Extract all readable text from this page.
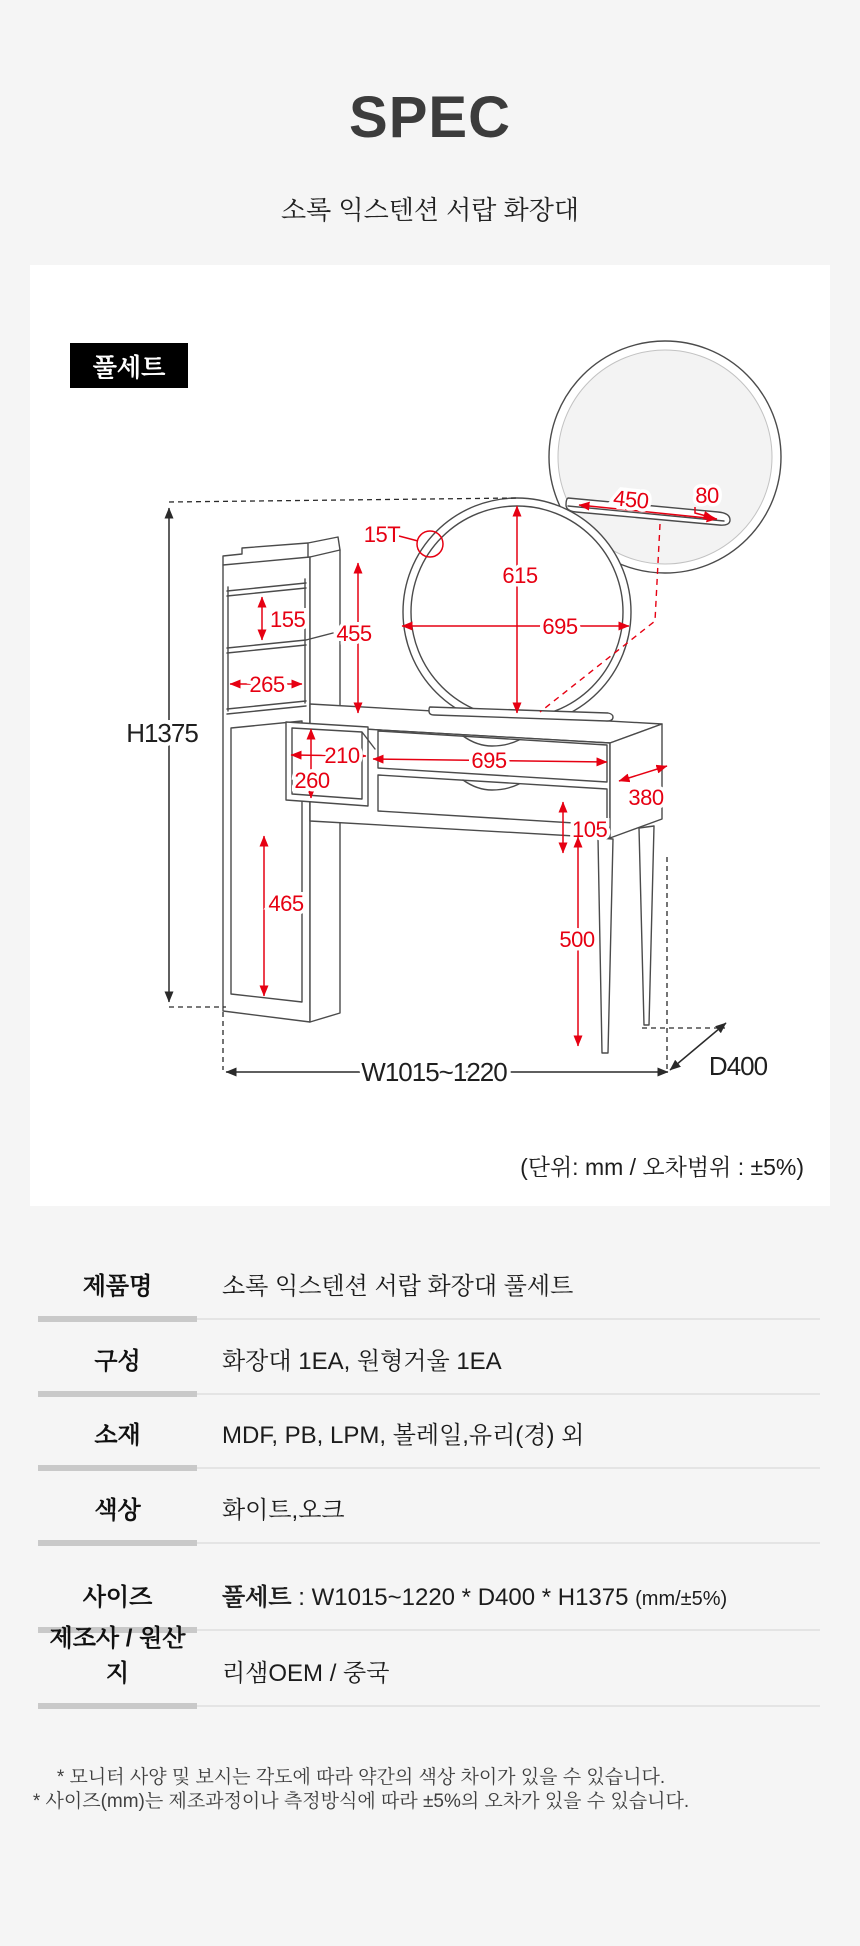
SPEC
소록 익스텐션 서랍 화장대
풀세트
H1375
W1015~1220	D400
155
455
265
465
615
695
15T
450 80
210
260
695
105
380
500
(단위: mm / 오차범위 : ±5%)
제품명	소록 익스텐션 서랍 화장대 풀세트
구성	화장대 1EA, 원형거울 1EA
소재	MDF, PB, LPM, 볼레일,유리(경) 외
색상	화이트,오크
사이즈	풀세트 : W1015~1220 * D400 * H1375 (mm/±5%)
제조사 / 원산지	리샘OEM / 중국
* 모니터 사양 및 보시는 각도에 따라 약간의 색상 차이가 있을 수 있습니다.
* 사이즈(mm)는 제조과정이나 측정방식에 따라 ±5%의 오차가 있을 수 있습니다.
